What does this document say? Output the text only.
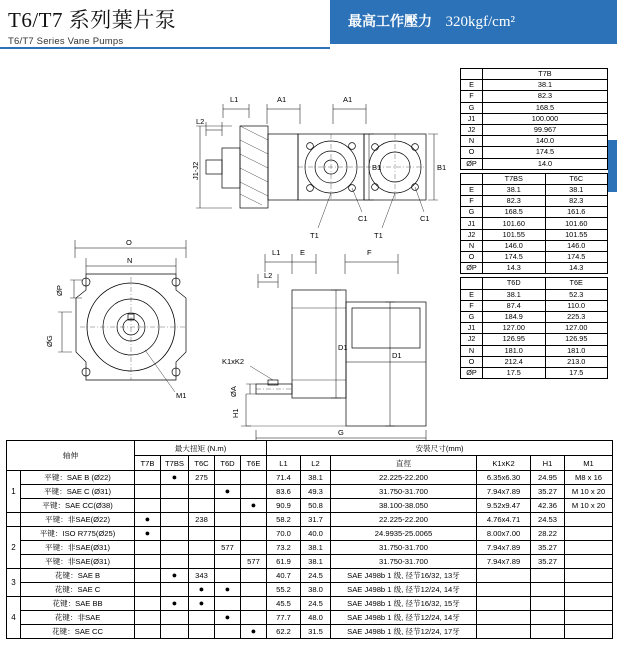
T6/T7 系列葉片泵
T6/T7 Series Vane Pumps
最高工作壓力 320kgf/cm²
L1	A1	A1
L2
J1-J2	B1	B1
C1	C1
T1	T1
O
N
ØP
ØG
M1
L1	E	F
L2
K1xK2
ØA
D1
D1
H1
G
	T7B
E	38.1
F	82.3
G	168.5
J1	100.000
J2	99.967
N	140.0
O	174.5
ØP	14.0
	T7BS	T6C
E	38.1	38.1
F	82.3	82.3
G	168.5	161.6
J1	101.60	101.60
J2	101.55	101.55
N	146.0	146.0
O	174.5	174.5
ØP	14.3	14.3
	T6D	T6E
E	38.1	52.3
F	87.4	110.0
G	184.9	225.3
J1	127.00	127.00
J2	126.95	126.95
N	181.0	181.0
O	212.4	213.0
ØP	17.5	17.5
轴伸		最大扭矩 (N.m)					安裝尺寸(mm)					
		T7B	T7BS	T6C	T6D	T6E	L1	L2	直徑	K1xK2	H1	M1
1	平键：SAE B (Ø22)		●	275			71.4	38.1	22.225-22.200	6.35x6.30	24.95	M8 x 16
	平键：SAE C (Ø31)				●		83.6	49.3	31.750-31.700	7.94x7.89	35.27	M 10 x 20
	平键：SAE CC(Ø38)					●	90.9	50.8	38.100-38.050	9.52x9.47	42.36	M 10 x 20
	平键：非SAE(Ø22)	●		238			58.2	31.7	22.225-22.200	4.76x4.71	24.53	
2	平键：ISO R775(Ø25)	●					70.0	40.0	24.9935-25.0065	8.00x7.00	28.22	
	平键：非SAE(Ø31)				577		73.2	38.1	31.750-31.700	7.94x7.89	35.27	
	平键：非SAE(Ø31)					577	61.9	38.1	31.750-31.700	7.94x7.89	35.27	
3	花键：SAE B		●	343			40.7	24.5	SAE J498b 1 级, 径节16/32, 13牙			
	花键：SAE C			●	●		55.2	38.0	SAE J498b 1 级, 径节12/24, 14牙			
4	花键：SAE BB		●	●			45.5	24.5	SAE J498b 1 级, 径节16/32, 15牙			
	花键：非SAE				●		77.7	48.0	SAE J498b 1 级, 径节12/24, 14牙			
	花键：SAE CC					●	62.2	31.5	SAE J498b 1 级, 径节12/24, 17牙			
